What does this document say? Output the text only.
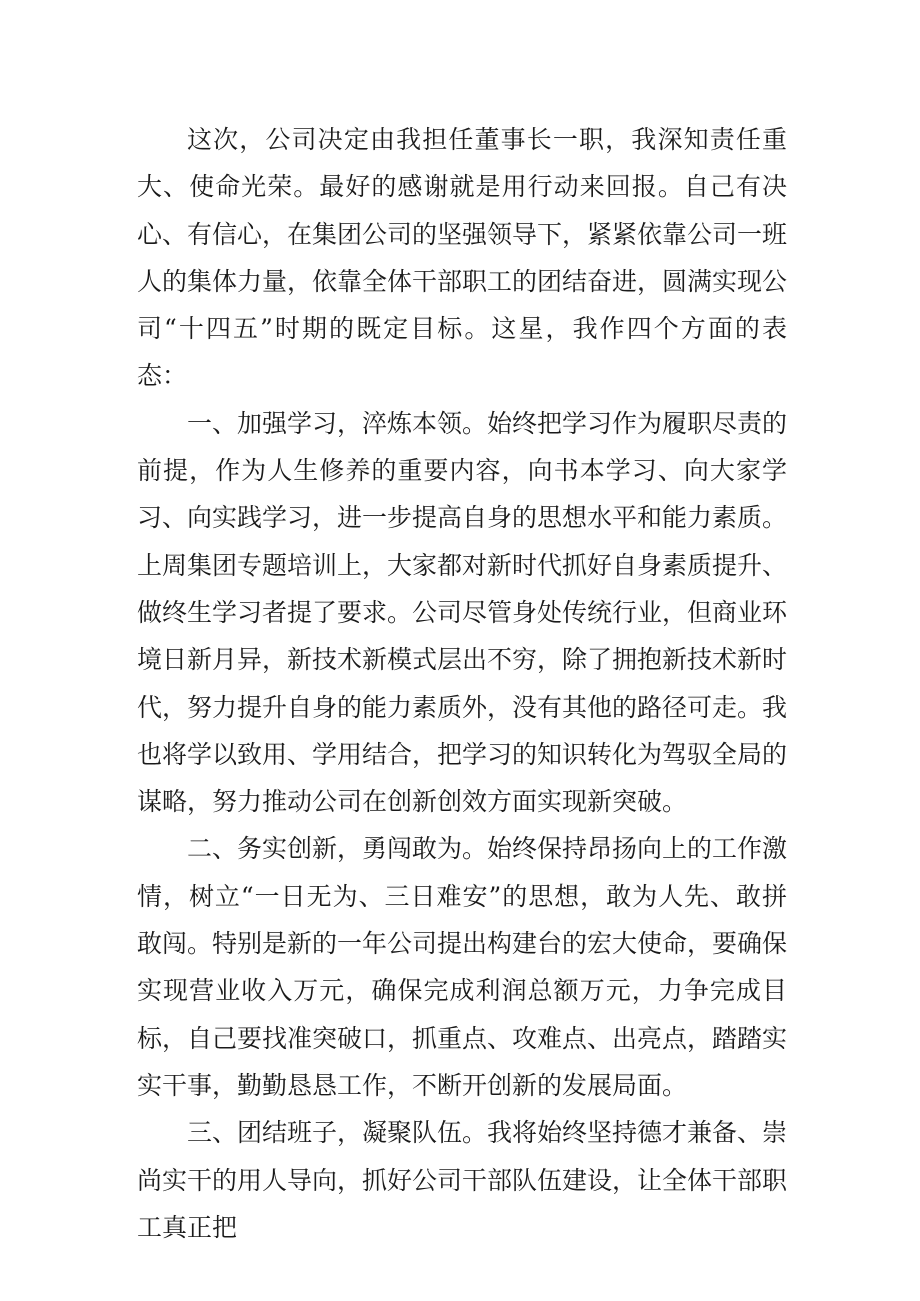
这次，公司决定由我担任董事长一职，我深知责任重大、使命光荣。最好的感谢就是用行动来回报。自己有决心、有信心，在集团公司的坚强领导下，紧紧依靠公司一班人的集体力量，依靠全体干部职工的团结奋进，圆满实现公司“十四五”时期的既定目标。这星，我作四个方面的表态：

一、加强学习，淬炼本领。始终把学习作为履职尽责的前提，作为人生修养的重要内容，向书本学习、向大家学习、向实践学习，进一步提高自身的思想水平和能力素质。上周集团专题培训上，大家都对新时代抓好自身素质提升、做终生学习者提了要求。公司尽管身处传统行业，但商业环境日新月异，新技术新模式层出不穷，除了拥抱新技术新时代，努力提升自身的能力素质外，没有其他的路径可走。我也将学以致用、学用结合，把学习的知识转化为驾驭全局的谋略，努力推动公司在创新创效方面实现新突破。

二、务实创新，勇闯敢为。始终保持昂扬向上的工作激情，树立“一日无为、三日难安”的思想，敢为人先、敢拼敢闯。特别是新的一年公司提出构建台的宏大使命，要确保实现营业收入万元，确保完成利润总额万元，力争完成目标，自己要找准突破口，抓重点、攻难点、出亮点，踏踏实实干事，勤勤恳恳工作，不断开创新的发展局面。

三、团结班子，凝聚队伍。我将始终坚持德才兼备、崇尚实干的用人导向，抓好公司干部队伍建设，让全体干部职工真正把
